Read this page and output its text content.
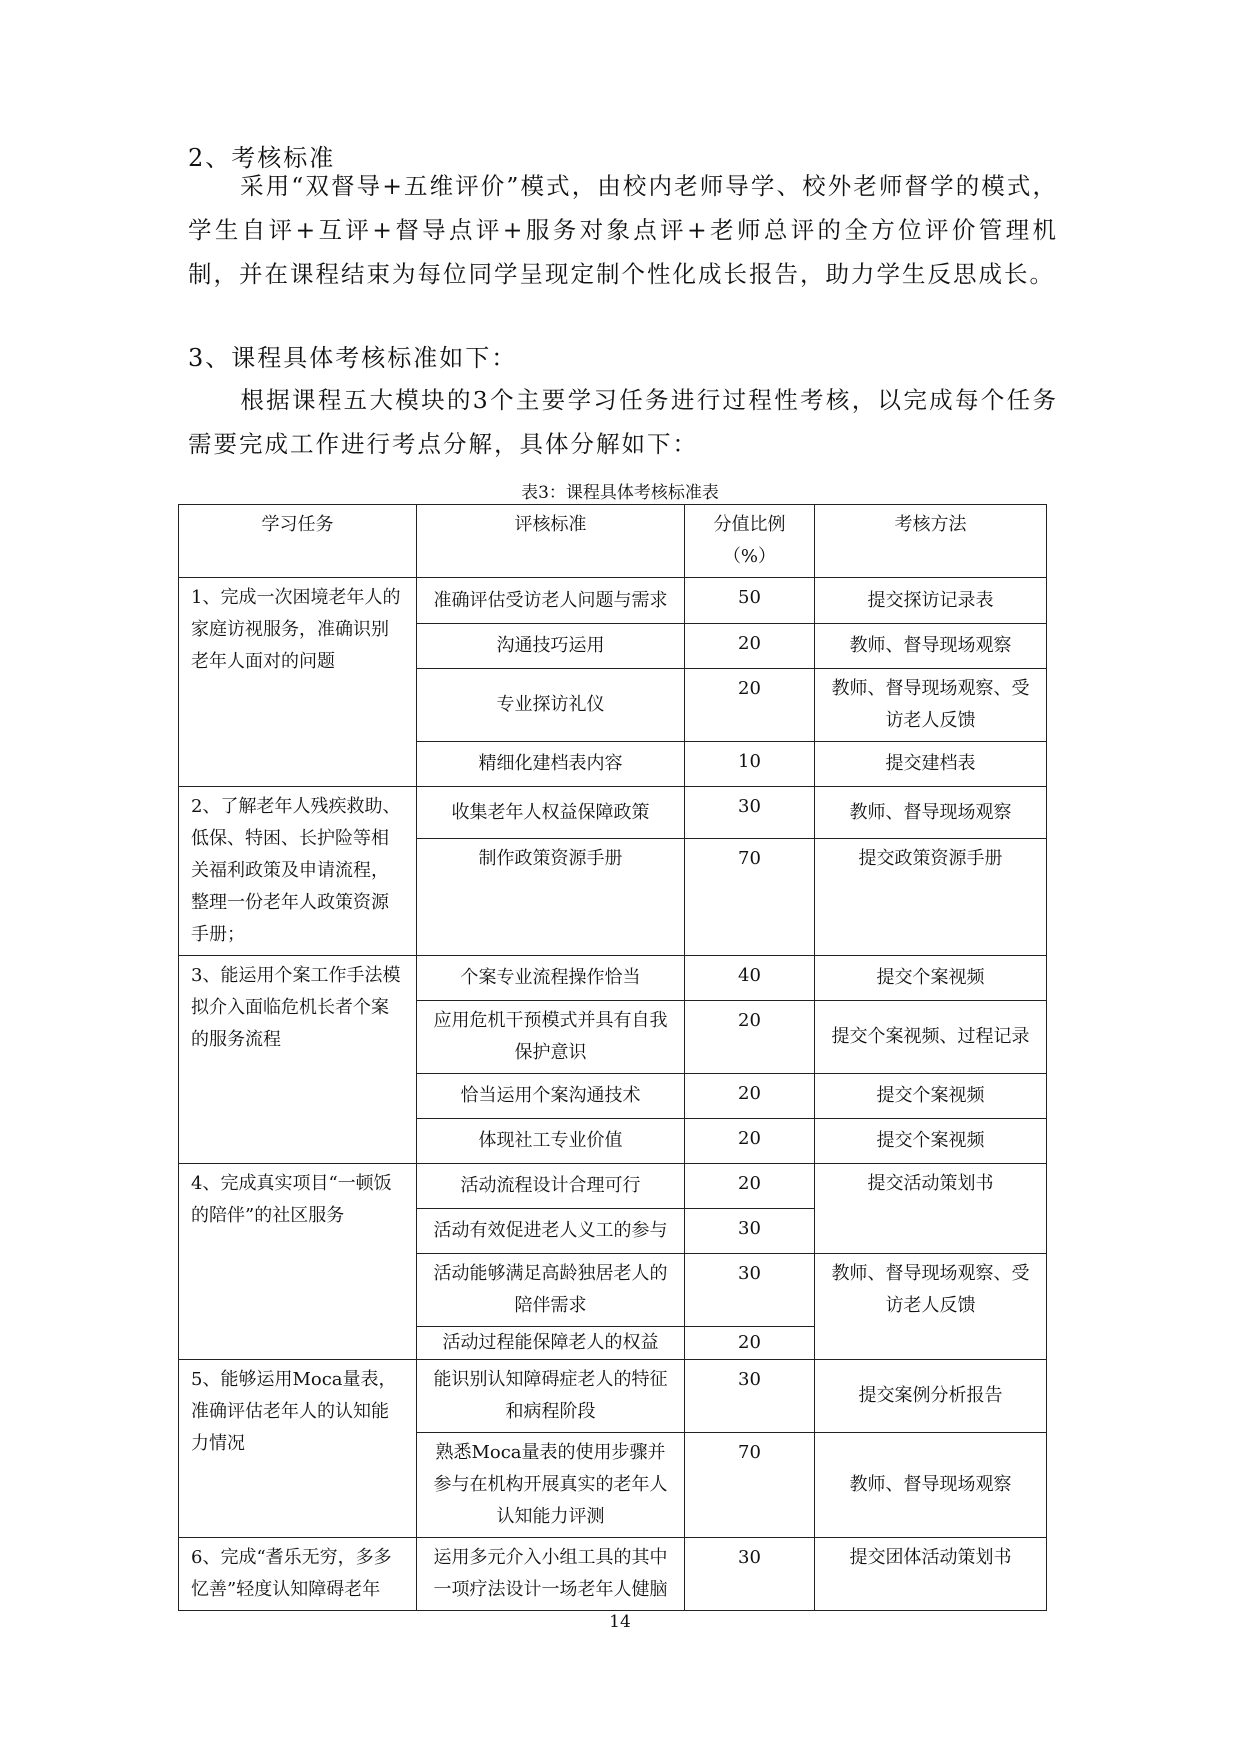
2、考核标准
采用“双督导+五维评价”模式，由校内老师导学、校外老师督学的模式，学生自评+互评+督导点评+服务对象点评+老师总评的全方位评价管理机制，并在课程结束为每位同学呈现定制个性化成长报告，助力学生反思成长。
3、课程具体考核标准如下：
根据课程五大模块的3个主要学习任务进行过程性考核，以完成每个任务需要完成工作进行考点分解，具体分解如下：
表3：课程具体考核标准表
学习任务	评核标准	分值比例（%）	考核方法
1、完成一次困境老年人的家庭访视服务，准确识别老年人面对的问题	准确评估受访老人问题与需求	50	提交探访记录表
	沟通技巧运用	20	教师、督导现场观察
	专业探访礼仪	20	教师、督导现场观察、受访老人反馈
	精细化建档表内容	10	提交建档表
2、了解老年人残疾救助、低保、特困、长护险等相关福利政策及申请流程，整理一份老年人政策资源手册；	收集老年人权益保障政策	30	教师、督导现场观察
	制作政策资源手册	70	提交政策资源手册
3、能运用个案工作手法模拟介入面临危机长者个案的服务流程	个案专业流程操作恰当	40	提交个案视频
	应用危机干预模式并具有自我保护意识	20	提交个案视频、过程记录
	恰当运用个案沟通技术	20	提交个案视频
	体现社工专业价值	20	提交个案视频
4、完成真实项目“一顿饭的陪伴”的社区服务	活动流程设计合理可行	20	提交活动策划书
	活动有效促进老人义工的参与	30	
	活动能够满足高龄独居老人的陪伴需求	30	教师、督导现场观察、受访老人反馈
	活动过程能保障老人的权益	20	
5、能够运用Moca量表，准确评估老年人的认知能力情况	能识别认知障碍症老人的特征和病程阶段	30	提交案例分析报告
	熟悉Moca量表的使用步骤并参与在机构开展真实的老年人认知能力评测	70	教师、督导现场观察
6、完成“耆乐无穷，多多忆善”轻度认知障碍老年	运用多元介入小组工具的其中一项疗法设计一场老年人健脑	30	提交团体活动策划书
14
